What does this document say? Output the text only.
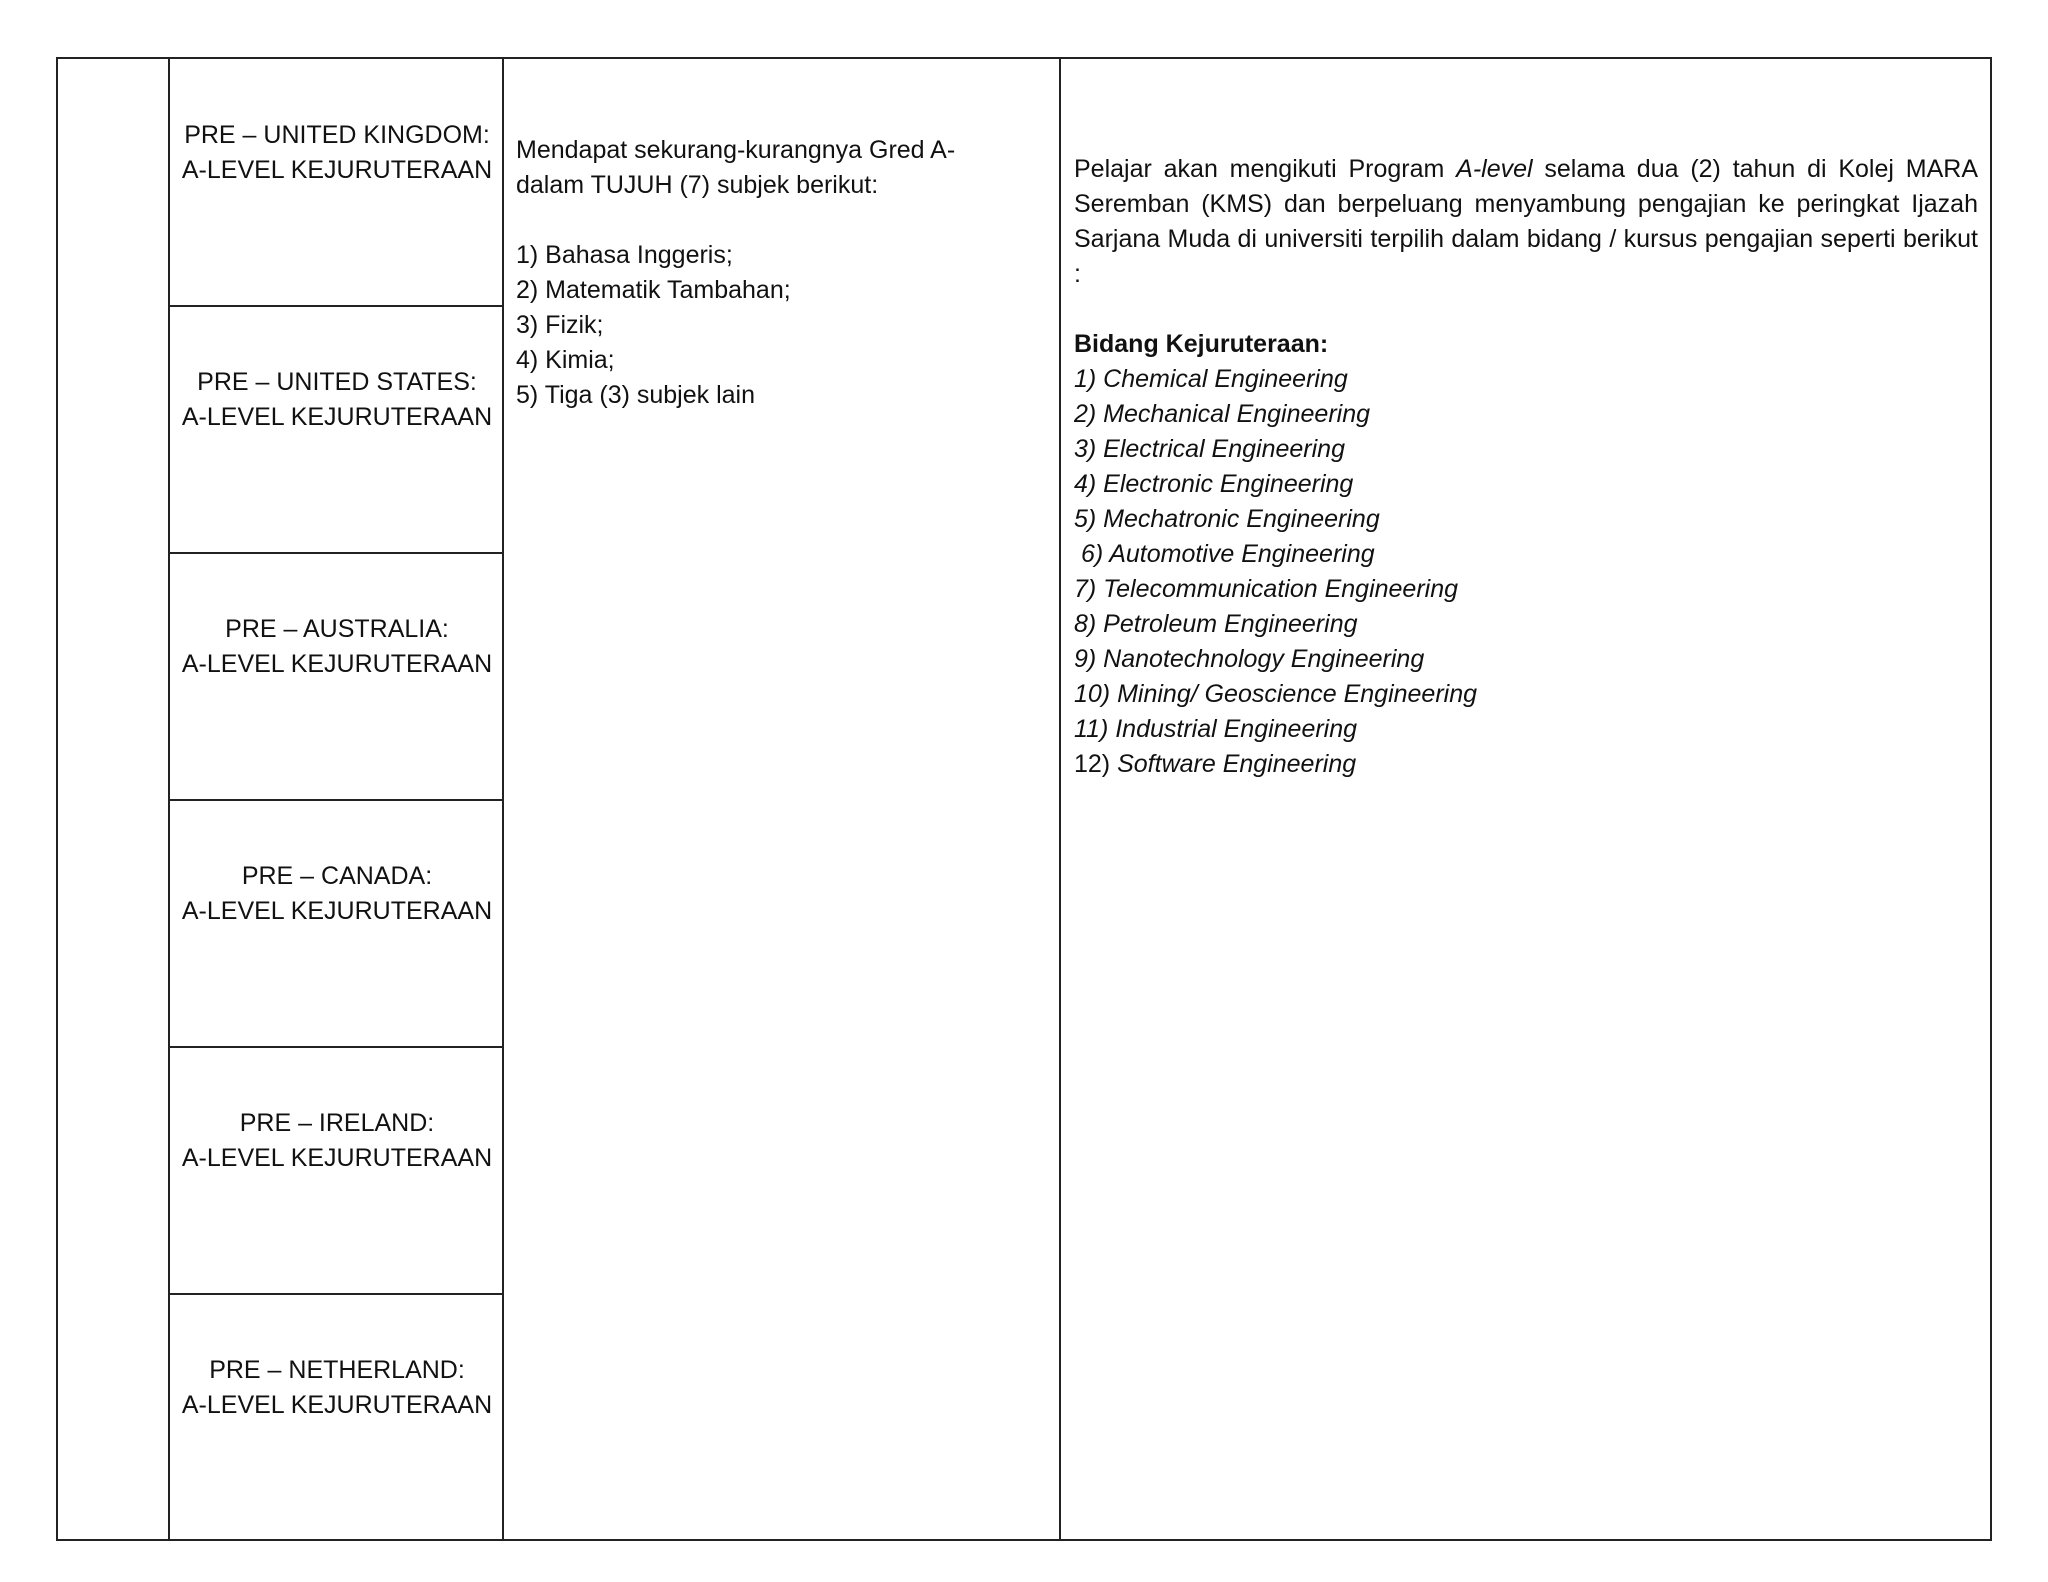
PRE – UNITED KINGDOM:
A-LEVEL KEJURUTERAAN
PRE – UNITED STATES:
A-LEVEL KEJURUTERAAN
PRE – AUSTRALIA:
A-LEVEL KEJURUTERAAN
PRE – CANADA:
A-LEVEL KEJURUTERAAN
PRE – IRELAND:
A-LEVEL KEJURUTERAAN
PRE – NETHERLAND:
A-LEVEL KEJURUTERAAN
Mendapat sekurang-kurangnya Gred A-
dalam TUJUH (7) subjek berikut:
1) Bahasa Inggeris;
2) Matematik Tambahan;
3) Fizik;
4) Kimia;
5) Tiga (3) subjek lain

Pelajar akan mengikuti Program A-level selama dua (2) tahun di Kolej MARA Seremban (KMS) dan berpeluang menyambung pengajian ke peringkat Ijazah Sarjana Muda di universiti terpilih dalam bidang / kursus pengajian seperti berikut :

Bidang Kejuruteraan:
1) Chemical Engineering
2) Mechanical Engineering
3) Electrical Engineering
4) Electronic Engineering
5) Mechatronic Engineering
6) Automotive Engineering
7) Telecommunication Engineering
8) Petroleum Engineering
9) Nanotechnology Engineering
10) Mining/ Geoscience Engineering
11) Industrial Engineering
12) Software Engineering
